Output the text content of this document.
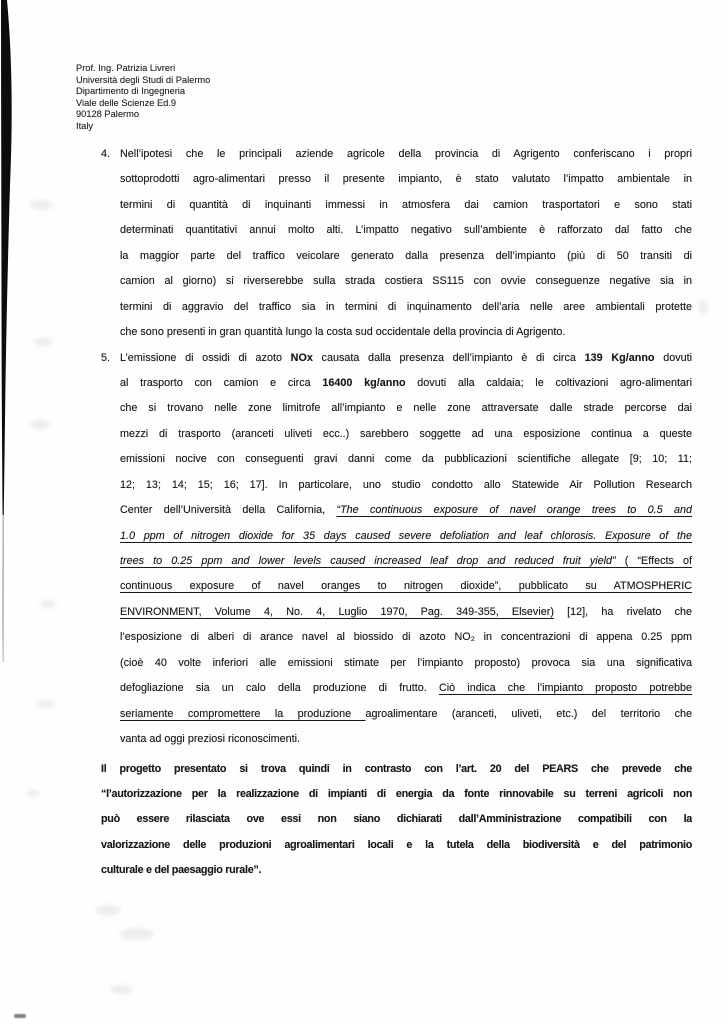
Prof. Ing. Patrizia Livreri
Università degli Studi di Palermo
Dipartimento di Ingegneria
Viale delle Scienze Ed.9
90128 Palermo
Italy
4. Nell’ipotesi che le principali aziende agricole della provincia di Agrigento conferiscano i propri
sottoprodotti agro-alimentari presso il presente impianto, è stato valutato l’impatto ambientale in
termini di quantità di inquinanti immessi in atmosfera dai camion trasportatori e sono stati
determinati quantitativi annui molto alti. L’impatto negativo sull’ambiente è rafforzato dal fatto che
la maggior parte del traffico veicolare generato dalla presenza dell’impianto (più di 50 transiti di
camion al giorno) si riverserebbe sulla strada costiera SS115 con ovvie conseguenze negative sia in
termini di aggravio del traffico sia in termini di inquinamento dell’aria nelle aree ambientali protette
che sono presenti in gran quantità lungo la costa sud occidentale della provincia di Agrigento.
5. L’emissione di ossidi di azoto NOx causata dalla presenza dell’impianto è di circa 139 Kg/anno dovuti
al trasporto con camion e circa 16400 kg/anno dovuti alla caldaia; le coltivazioni agro-alimentari
che si trovano nelle zone limitrofe all’impianto e nelle zone attraversate dalle strade percorse dai
mezzi di trasporto (aranceti uliveti ecc..) sarebbero soggette ad una esposizione continua a queste
emissioni nocive con conseguenti gravi danni come da pubblicazioni scientifiche allegate [9; 10; 11;
12; 13; 14; 15; 16; 17]. In particolare, uno studio condotto allo Statewide Air Pollution Research
Center dell’Università della California, “The continuous exposure of navel orange trees to 0.5 and
1.0 ppm of nitrogen dioxide for 35 days caused severe defoliation and leaf chlorosis. Exposure of the
trees to 0.25 ppm and lower levels caused increased leaf drop and reduced fruit yield” ( “Effects of
continuous exposure of navel oranges to nitrogen dioxide”, pubblicato su ATMOSPHERIC
ENVIRONMENT, Volume 4, No. 4, Luglio 1970, Pag. 349-355, Elsevier) [12], ha rivelato che
l’esposizione di alberi di arance navel al biossido di azoto NO₂ in concentrazioni di appena 0.25 ppm
(cioè 40 volte inferiori alle emissioni stimate per l’impianto proposto) provoca sia una significativa
defogliazione sia un calo della produzione di frutto. Ciò indica che l’impianto proposto potrebbe
seriamente compromettere la produzione agroalimentare (aranceti, uliveti, etc.) del territorio che
vanta ad oggi preziosi riconoscimenti.
Il progetto presentato si trova quindi in contrasto con l’art. 20 del PEARS che prevede che
“l’autorizzazione per la realizzazione di impianti di energia da fonte rinnovabile su terreni agricoli non
può essere rilasciata ove essi non siano dichiarati dall’Amministrazione compatibili con la
valorizzazione delle produzioni agroalimentari locali e la tutela della biodiversità e del patrimonio
culturale e del paesaggio rurale”.
